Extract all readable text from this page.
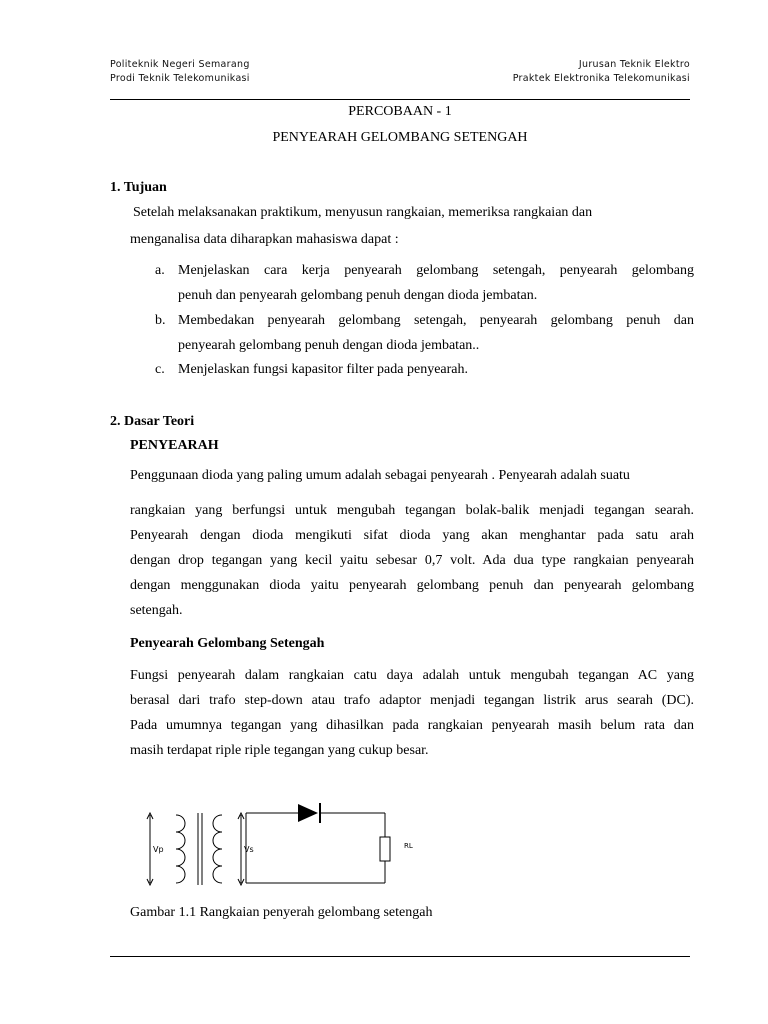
Politeknik Negeri Semarang
Prodi Teknik Telekomunikasi
Jurusan Teknik Elektro
Praktek Elektronika Telekomunikasi
PERCOBAAN - 1
PENYEARAH GELOMBANG SETENGAH
1. Tujuan
Setelah melaksanakan praktikum, menyusun rangkaian, memeriksa rangkaian dan
menganalisa data diharapkan mahasiswa dapat :
a. Menjelaskan cara kerja penyearah gelombang setengah, penyearah gelombang
penuh dan penyearah gelombang penuh dengan dioda jembatan.
b. Membedakan penyearah gelombang setengah, penyearah gelombang penuh dan
penyearah gelombang penuh dengan dioda jembatan..
c. Menjelaskan fungsi kapasitor filter pada penyearah.
2. Dasar Teori
PENYEARAH
Penggunaan dioda yang paling umum adalah sebagai penyearah . Penyearah adalah suatu
rangkaian yang berfungsi untuk mengubah tegangan bolak-balik menjadi tegangan searah.
Penyearah dengan dioda mengikuti sifat dioda yang akan menghantar pada satu arah
dengan drop tegangan yang kecil yaitu sebesar 0,7 volt. Ada dua type rangkaian penyearah
dengan menggunakan dioda yaitu penyearah gelombang penuh dan penyearah gelombang
setengah.
Penyearah Gelombang Setengah
Fungsi penyearah dalam rangkaian catu daya adalah untuk mengubah tegangan AC yang
berasal dari trafo step-down atau trafo adaptor menjadi tegangan listrik arus searah (DC).
Pada umumnya tegangan yang dihasilkan pada rangkaian penyearah masih belum rata dan
masih terdapat riple riple tegangan yang cukup besar.
Vp	Vs	RL
Gambar 1.1 Rangkaian penyerah gelombang setengah
